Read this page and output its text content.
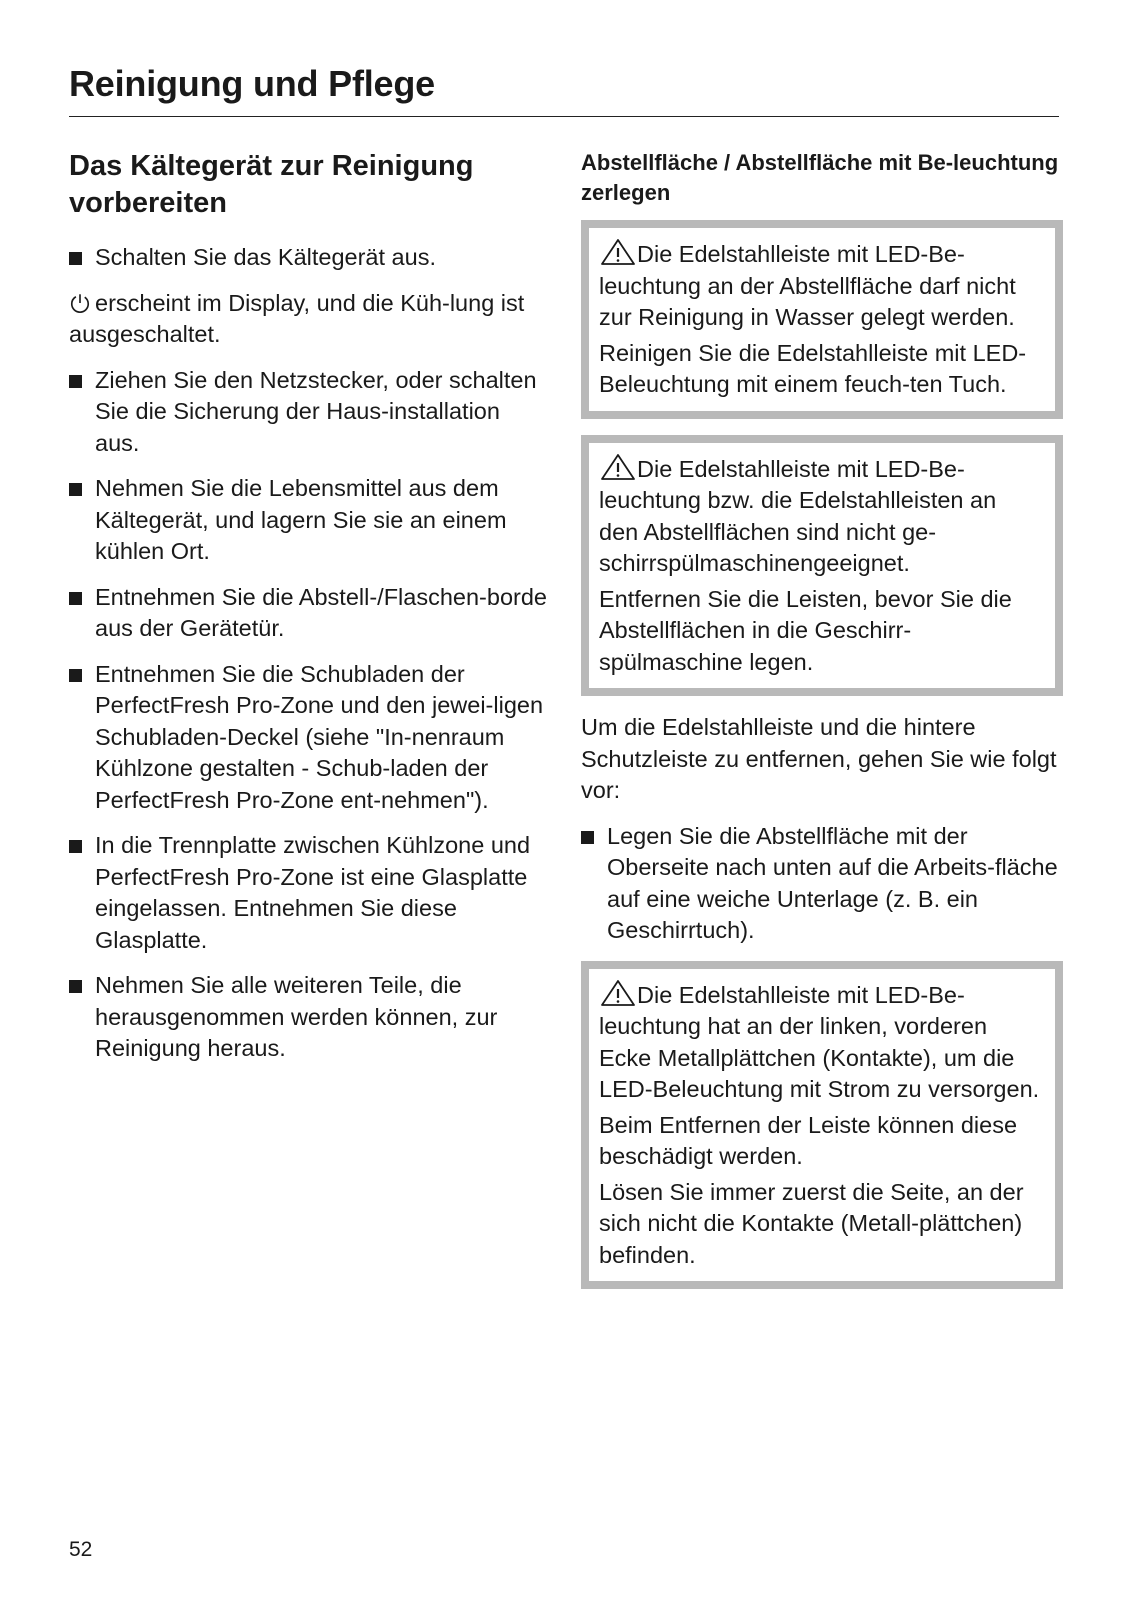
Reinigung und Pflege
Das Kältegerät zur Reinigung vorbereiten
Schalten Sie das Kältegerät aus.

erscheint im Display, und die Küh-lung ist ausgeschaltet.

Ziehen Sie den Netzstecker, oder schalten Sie die Sicherung der Haus-installation aus.
Nehmen Sie die Lebensmittel aus dem Kältegerät, und lagern Sie sie an einem kühlen Ort.
Entnehmen Sie die Abstell-/Flaschen-borde aus der Gerätetür.
Entnehmen Sie die Schubladen der PerfectFresh Pro-Zone und den jewei-ligen Schubladen-Deckel (siehe "In-nenraum Kühlzone gestalten - Schub-laden der PerfectFresh Pro-Zone ent-nehmen").
In die Trennplatte zwischen Kühlzone und PerfectFresh Pro-Zone ist eine Glasplatte eingelassen. Entnehmen Sie diese Glasplatte.
Nehmen Sie alle weiteren Teile, die herausgenommen werden können, zur Reinigung heraus.
Abstellfläche / Abstellfläche mit Be-leuchtung zerlegen

Die Edelstahlleiste mit LED-Be-leuchtung an der Abstellfläche darf nicht zur Reinigung in Wasser gelegt werden.

Reinigen Sie die Edelstahlleiste mit LED-Beleuchtung mit einem feuch-ten Tuch.

Die Edelstahlleiste mit LED-Be-leuchtung bzw. die Edelstahlleisten an den Abstellflächen sind nicht ge-schirrspülmaschinengeeignet.

Entfernen Sie die Leisten, bevor Sie die Abstellflächen in die Geschirr-spülmaschine legen.

Um die Edelstahlleiste und die hintere Schutzleiste zu entfernen, gehen Sie wie folgt vor:

Legen Sie die Abstellfläche mit der Oberseite nach unten auf die Arbeits-fläche auf eine weiche Unterlage (z. B. ein Geschirrtuch).

Die Edelstahlleiste mit LED-Be-leuchtung hat an der linken, vorderen Ecke Metallplättchen (Kontakte), um die LED-Beleuchtung mit Strom zu versorgen.

Beim Entfernen der Leiste können diese beschädigt werden.

Lösen Sie immer zuerst die Seite, an der sich nicht die Kontakte (Metall-plättchen) befinden.

52
